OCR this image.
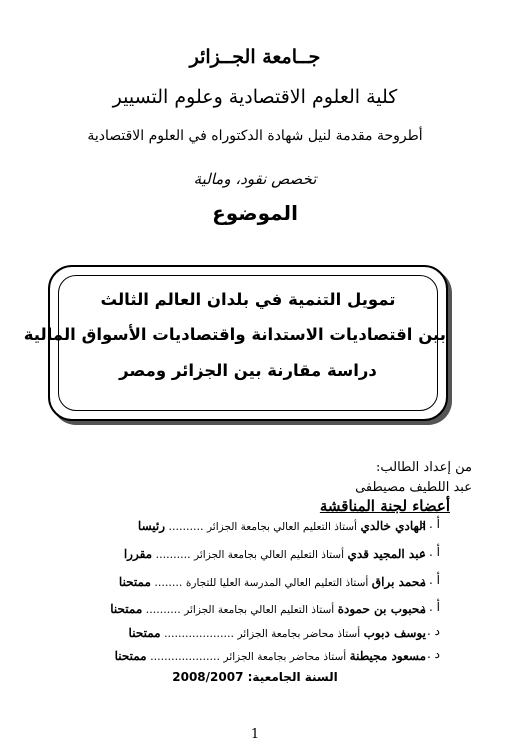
جــامعة الجــزائر
كلية العلوم الاقتصادية وعلوم التسيير
أطروحة مقدمة لنيل شهادة الدكتوراه في العلوم الاقتصادية
تخصص نقود، ومالية
الموضوع
تمويل التنمية في بلدان العالم الثالث
بين اقتصاديات الاستدانة واقتصاديات الأسواق المالية
دراسة مقارنة بين الجزائر ومصر
من إعداد الطالب:
عبد اللطيف مصيطفى
أعضاء لجنة المناقشة
أ . د
الهادي خالدي أستاذ التعليم العالي بجامعة الجزائر .......... رئيسا
أ . د
عبد المجيد قدي أستاذ التعليم العالي بجامعة الجزائر .......... مقررا
أ . د
محمد براق أستاذ التعليم العالي المدرسة العليا للتجارة ........ ممتحنا
أ . د
محبوب بن حمودة أستاذ التعليم العالي بجامعة الجزائر .......... ممتحنا
د .
يوسف دبوب أستاذ محاضر بجامعة الجزائر .................... ممتحنا
د .
مسعود مجيطنة أستاذ محاضر بجامعة الجزائر .................... ممتحنا
السنة الجامعية: 2008/2007
1
